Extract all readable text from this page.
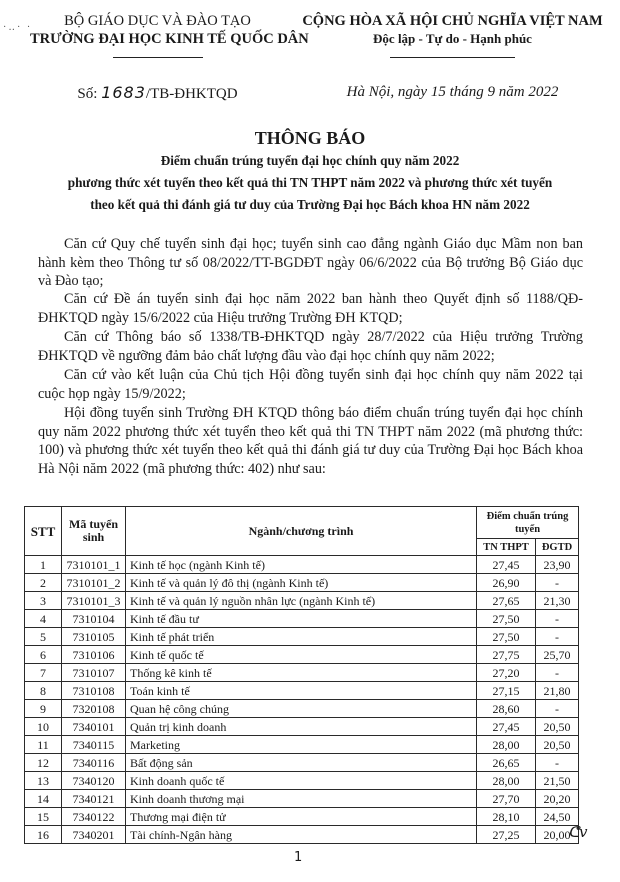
·‥· ·	BỘ GIÁO DỤC VÀ ĐÀO TẠO
TRƯỜNG ĐẠI HỌC KINH TẾ QUỐC DÂN
CỘNG HÒA XÃ HỘI CHỦ NGHĨA VIỆT NAM
Độc lập - Tự do - Hạnh phúc
Số: 1683/TB-ĐHKTQD	Hà Nội, ngày 15 tháng 9 năm 2022
THÔNG BÁO
Điểm chuẩn trúng tuyển đại học chính quy năm 2022
phương thức xét tuyển theo kết quả thi TN THPT năm 2022 và phương thức xét tuyển
theo kết quả thi đánh giá tư duy của Trường Đại học Bách khoa HN năm 2022
Căn cứ Quy chế tuyển sinh đại học; tuyển sinh cao đẳng ngành Giáo dục Mầm non ban hành kèm theo Thông tư số 08/2022/TT-BGDĐT ngày 06/6/2022 của Bộ trưởng Bộ Giáo dục và Đào tạo;
Căn cứ Đề án tuyển sinh đại học năm 2022 ban hành theo Quyết định số 1188/QĐ-ĐHKTQD ngày 15/6/2022 của Hiệu trưởng Trường ĐH KTQD;
Căn cứ Thông báo số 1338/TB-ĐHKTQD ngày 28/7/2022 của Hiệu trưởng Trường ĐHKTQD về ngưỡng đảm bảo chất lượng đầu vào đại học chính quy năm 2022;
Căn cứ vào kết luận của Chủ tịch Hội đồng tuyển sinh đại học chính quy năm 2022 tại cuộc họp ngày 15/9/2022;
Hội đồng tuyển sinh Trường ĐH KTQD thông báo điểm chuẩn trúng tuyển đại học chính quy năm 2022 phương thức xét tuyển theo kết quả thi TN THPT năm 2022 (mã phương thức: 100) và phương thức xét tuyển theo kết quả thi đánh giá tư duy của Trường Đại học Bách khoa Hà Nội năm 2022 (mã phương thức: 402) như sau:
STT	Mã tuyển sinh	Ngành/chương trình	Điểm chuẩn trúng tuyển	
			TN THPT	ĐGTD
1	7310101_1	Kinh tế học (ngành Kinh tế)	27,45	23,90
2	7310101_2	Kinh tế và quản lý đô thị (ngành Kinh tế)	26,90	-
3	7310101_3	Kinh tế và quản lý nguồn nhân lực (ngành Kinh tế)	27,65	21,30
4	7310104	Kinh tế đầu tư	27,50	-
5	7310105	Kinh tế phát triển	27,50	-
6	7310106	Kinh tế quốc tế	27,75	25,70
7	7310107	Thống kê kinh tế	27,20	-
8	7310108	Toán kinh tế	27,15	21,80
9	7320108	Quan hệ công chúng	28,60	-
10	7340101	Quản trị kinh doanh	27,45	20,50
11	7340115	Marketing	28,00	20,50
12	7340116	Bất động sản	26,65	-
13	7340120	Kinh doanh quốc tế	28,00	21,50
14	7340121	Kinh doanh thương mại	27,70	20,20
15	7340122	Thương mại điện tử	28,10	24,50
16	7340201	Tài chính-Ngân hàng	27,25	20,00
ᕦv
1
